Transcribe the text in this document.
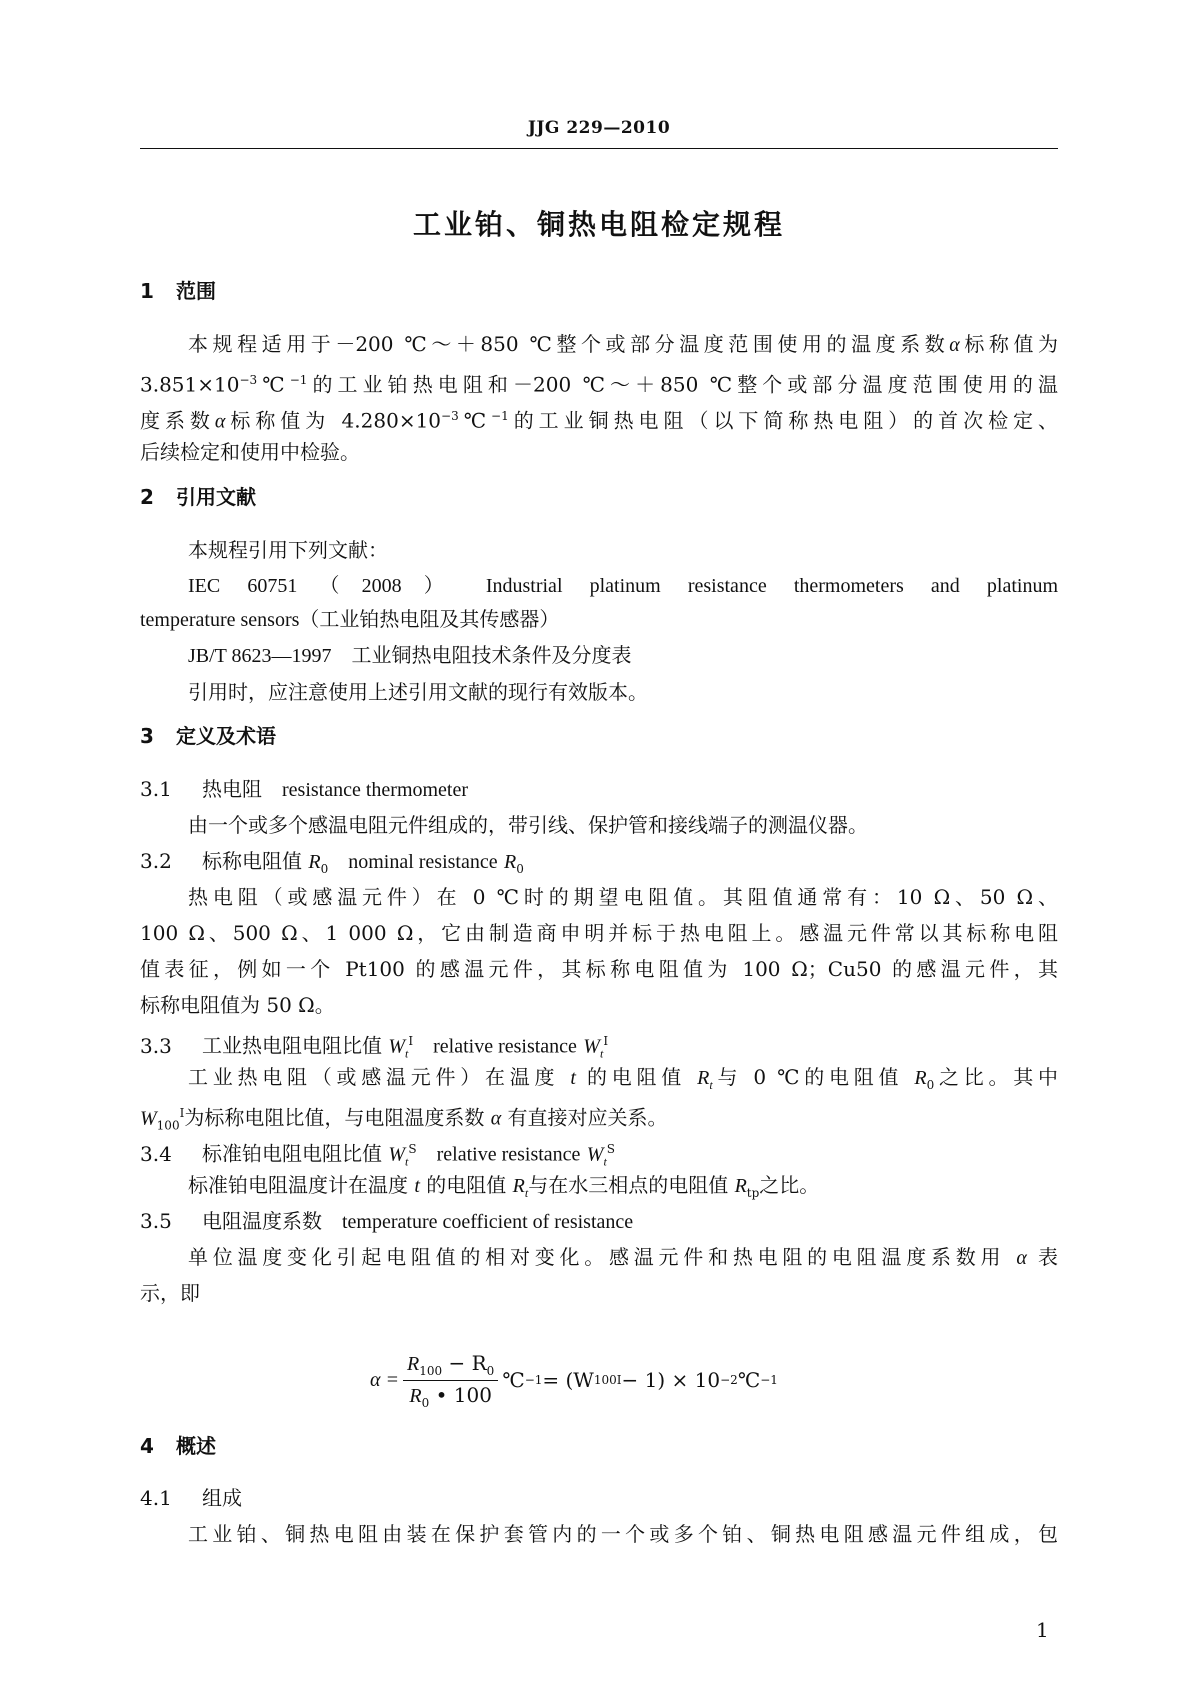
JJG 229—2010
工业铂、铜热电阻检定规程
1 范围
本规程适用于－200 ℃～＋850 ℃整个或部分温度范围使用的温度系数α标称值为
$3.851\times 10^{-3}℃^{-1}$的工业铂热电阻和－200 ℃～＋850 ℃整个或部分温度范围使用的温
度系数α标称值为 $4.280\times 10^{-3}℃^{-1}$的工业铜热电阻（以下简称热电阻）的首次检定、
后续检定和使用中检验。
2 引用文献
本规程引用下列文献：
IEC 60751（2008） Industrial platinum resistance thermometers and platinum
temperature sensors（工业铂热电阻及其传感器）
JB/T 8623—1997 工业铜热电阻技术条件及分度表
引用时，应注意使用上述引用文献的现行有效版本。
3 定义及术语
3.1 热电阻 resistance thermometer
由一个或多个感温电阻元件组成的，带引线、保护管和接线端子的测温仪器。
3.2 标称电阻值 $R_0$ nominal resistance $R_0$
热电阻（或感温元件）在 0 ℃时的期望电阻值。其阻值通常有：10 Ω、50 Ω、
100 Ω、500 Ω、1 000 Ω，它由制造商申明并标于热电阻上。感温元件常以其标称电阻
值表征，例如一个 Pt100 的感温元件，其标称电阻值为 100 Ω；Cu50 的感温元件，其
标称电阻值为 50 Ω。
3.3 工业热电阻电阻比值 $W_t^I$ relative resistance $W_t^I$
工业热电阻（或感温元件）在温度 t 的电阻值 $R_t$与 0 ℃的电阻值 $R_0$之比。其中
$W_{100}^I$为标称电阻比值，与电阻温度系数 α 有直接对应关系。
3.4 标准铂电阻电阻比值 $W_t^S$ relative resistance $W_t^S$
标准铂电阻温度计在温度 t 的电阻值 $R_t$与在水三相点的电阻值 $R_{tp}$之比。
3.5 电阻温度系数 temperature coefficient of resistance
单位温度变化引起电阻值的相对变化。感温元件和热电阻的电阻温度系数用 α 表
示，即
$\alpha = \frac{R_{100} - R_0}{R_0 • 100}$ ℃ −1 = (W 100 I − 1) × 10 −2 ℃ −1
4 概述
4.1 组成
工业铂、铜热电阻由装在保护套管内的一个或多个铂、铜热电阻感温元件组成，包
1
